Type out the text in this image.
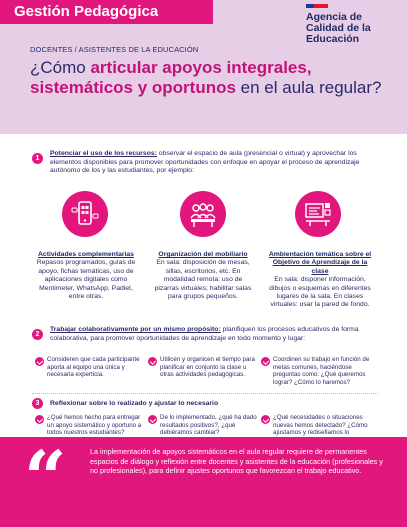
Gestión Pedagógica	Agencia de
Calidad de la
Educación
DOCENTES / ASISTENTES DE LA EDUCACIÓN
¿Cómo articular apoyos integrales, sistemáticos y oportunos en el aula regular?
1
Potenciar el uso de los recursos: observar el espacio de aula (presencial o virtual) y aprovechar los elementos disponibles para promover oportunidades con enfoque en apoyar el proceso de aprendizaje autónomo de los y las estudiantes, por ejemplo:
Actividades complementarias
Repasos programados, guías de apoyo, fichas temáticas, uso de aplicaciones digitales como Mentimeter, WhatsApp, Padlet, entre otras.
Organización del mobiliario
En sala: disposición de mesas, sillas, escritorios, etc. En modalidad remota: uso de pizarras virtuales; habilitar salas para grupos pequeños.
Ambientación temática sobre el Objetivo de Aprendizaje de la clase
En sala: disponer información, dibujos o esquemas en diferentes lugares de la sala. En clases virtuales: usar la pared de fondo.
2
Trabajar colaborativamente por un mismo propósito: planifiquen los procesos educativos de forma colaborativa, para promover oportunidades de aprendizaje en todo momento y lugar:
Consideren que cada participante aporta al equipo una única y necesaria experticia.
Utilicen y organicen el tiempo para planificar en conjunto la clase u otras actividades pedagógicas.
Coordinen su trabajo en función de metas comunes, haciéndose preguntas como: ¿Qué queremos lograr? ¿Cómo lo haremos?
3	Reflexionar sobre lo realizado y ajustar lo necesario
¿Qué hemos hecho para entregar un apoyo sistemático y oportuno a todos nuestros estudiantes?
De lo implementado, ¿qué ha dado resultados positivos?, ¿qué debiéramos cambiar?
¿Qué necesidades o situaciones nuevas hemos detectado? ¿Cómo ajustamos y redisefiamos lo
“	La implementación de apoyos sistemáticos en el aula regular requiere de permanentes espacios de diálogo y reflexión entre docentes y asistentes de la educación (profesionales y no profesionales), para definir ajustes oportunos que favorezcan el trabajo educativo.
